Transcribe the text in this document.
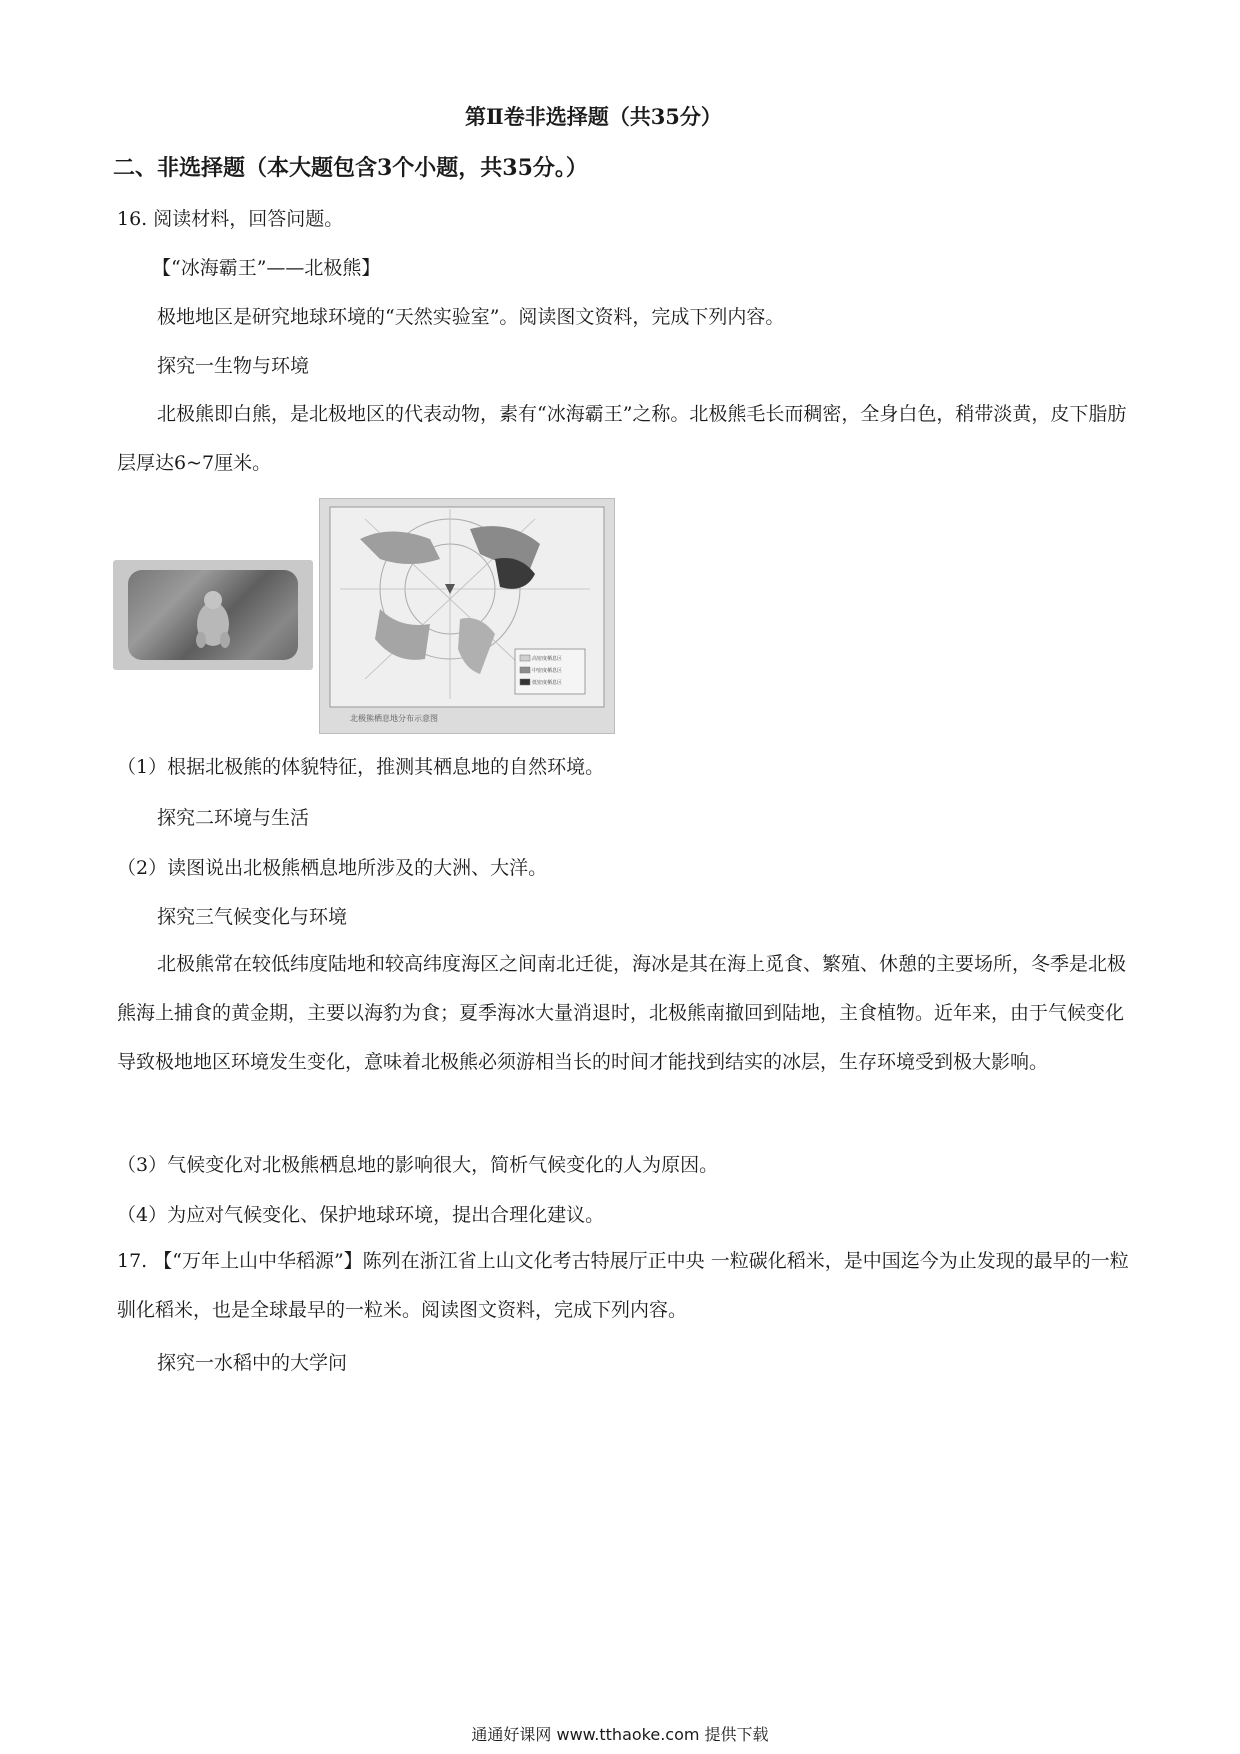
第Ⅱ卷非选择题（共35分）
二、非选择题（本大题包含3个小题，共35分。）
16. 阅读材料，回答问题。
【“冰海霸王”——北极熊】
极地地区是研究地球环境的“天然实验室”。阅读图文资料，完成下列内容。
探究一生物与环境
北极熊即白熊，是北极地区的代表动物，素有“冰海霸王”之称。北极熊毛长而稠密，全身白色，稍带淡黄，皮下脂肪层厚达6~7厘米。
高密度栖息区
中密度栖息区
低密度栖息区
北极熊栖息地分布示意图
（1）根据北极熊的体貌特征，推测其栖息地的自然环境。
探究二环境与生活
（2）读图说出北极熊栖息地所涉及的大洲、大洋。
探究三气候变化与环境
北极熊常在较低纬度陆地和较高纬度海区之间南北迁徙，海冰是其在海上觅食、繁殖、休憩的主要场所，冬季是北极熊海上捕食的黄金期，主要以海豹为食；夏季海冰大量消退时，北极熊南撤回到陆地，主食植物。近年来，由于气候变化导致极地地区环境发生变化，意味着北极熊必须游相当长的时间才能找到结实的冰层，生存环境受到极大影响。
（3）气候变化对北极熊栖息地的影响很大，简析气候变化的人为原因。
（4）为应对气候变化、保护地球环境，提出合理化建议。
17. 【“万年上山中华稻源”】陈列在浙江省上山文化考古特展厅正中央 一粒碳化稻米，是中国迄今为止发现的最早的一粒驯化稻米，也是全球最早的一粒米。阅读图文资料，完成下列内容。
探究一水稻中的大学问
通通好课网 www.tthaoke.com 提供下载
